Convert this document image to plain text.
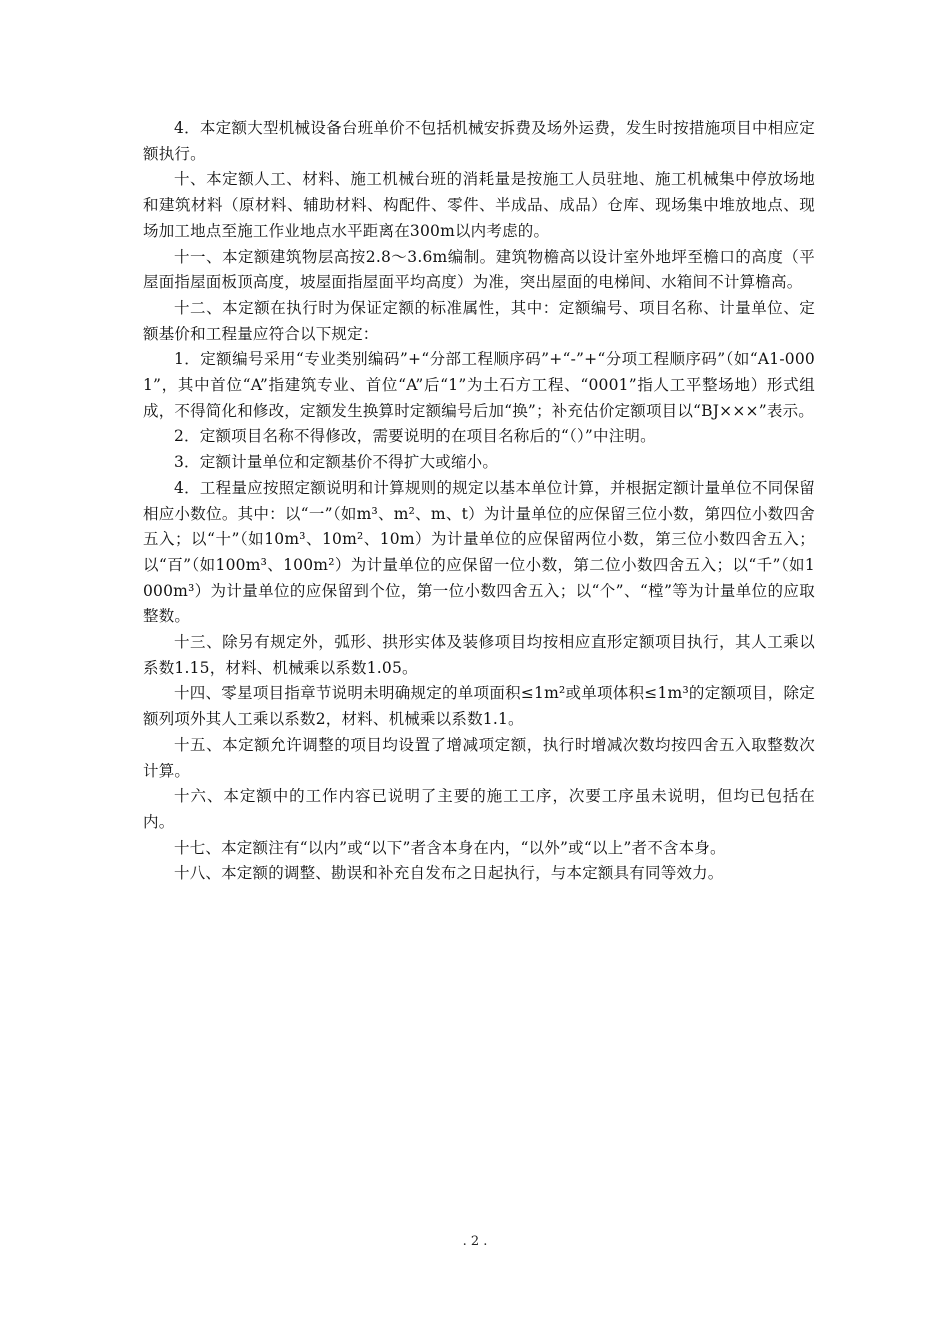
4．本定额大型机械设备台班单价不包括机械安拆费及场外运费，发生时按措施项目中相应定额执行。

十、本定额人工、材料、施工机械台班的消耗量是按施工人员驻地、施工机械集中停放场地和建筑材料（原材料、辅助材料、构配件、零件、半成品、成品）仓库、现场集中堆放地点、现场加工地点至施工作业地点水平距离在300m以内考虑的。

十一、本定额建筑物层高按2.8～3.6m编制。建筑物檐高以设计室外地坪至檐口的高度（平屋面指屋面板顶高度，坡屋面指屋面平均高度）为准，突出屋面的电梯间、水箱间不计算檐高。

十二、本定额在执行时为保证定额的标准属性，其中：定额编号、项目名称、计量单位、定额基价和工程量应符合以下规定：

1．定额编号采用“专业类别编码”+“分部工程顺序码”+“-”+“分项工程顺序码”（如“A1-0001”，其中首位“A”指建筑专业、首位“A”后“1”为土石方工程、“0001”指人工平整场地）形式组成，不得简化和修改，定额发生换算时定额编号后加“换”；补充估价定额项目以“BJ×××”表示。

2．定额项目名称不得修改，需要说明的在项目名称后的“（）”中注明。

3．定额计量单位和定额基价不得扩大或缩小。

4．工程量应按照定额说明和计算规则的规定以基本单位计算，并根据定额计量单位不同保留相应小数位。其中：以“一”（如m³、m²、m、t）为计量单位的应保留三位小数，第四位小数四舍五入；以“十”（如10m³、10m²、10m）为计量单位的应保留两位小数，第三位小数四舍五入；以“百”（如100m³、100m²）为计量单位的应保留一位小数，第二位小数四舍五入；以“千”（如1000m³）为计量单位的应保留到个位，第一位小数四舍五入；以“个”、“樘”等为计量单位的应取整数。

十三、除另有规定外，弧形、拱形实体及装修项目均按相应直形定额项目执行，其人工乘以系数1.15，材料、机械乘以系数1.05。

十四、零星项目指章节说明未明确规定的单项面积≤1m²或单项体积≤1m³的定额项目，除定额列项外其人工乘以系数2，材料、机械乘以系数1.1。

十五、本定额允许调整的项目均设置了增减项定额，执行时增减次数均按四舍五入取整数次计算。

十六、本定额中的工作内容已说明了主要的施工工序，次要工序虽未说明，但均已包括在内。

十七、本定额注有“以内”或“以下”者含本身在内，“以外”或“以上”者不含本身。

十八、本定额的调整、勘误和补充自发布之日起执行，与本定额具有同等效力。

. 2 .
